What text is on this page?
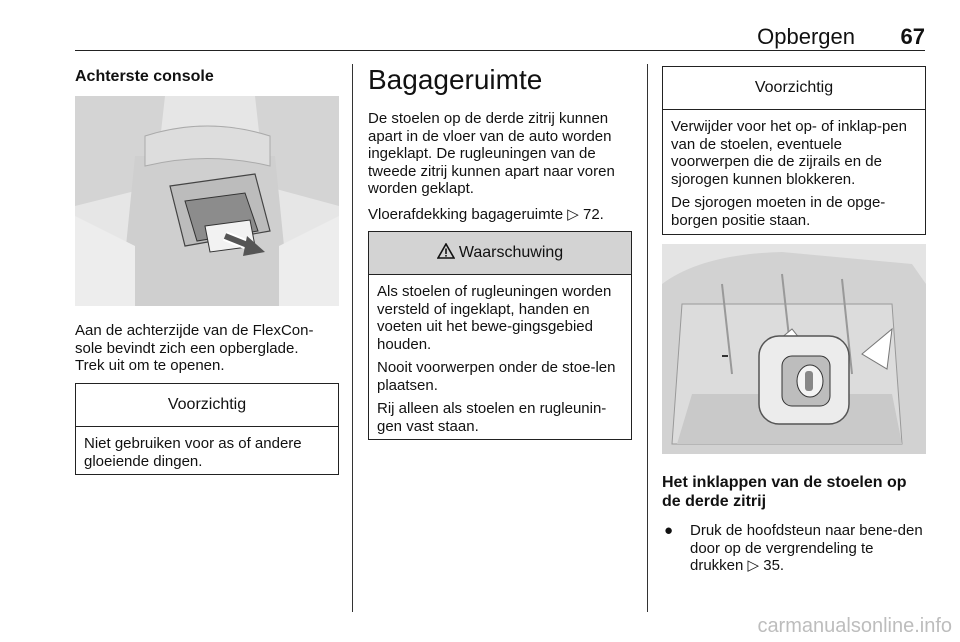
Opbergen 67
Achterste console

Aan de achterzijde van de FlexCon-
sole bevindt zich een opberglade.
Trek uit om te openen.

Voorzichtig

Niet gebruiken voor as of andere gloeiende dingen.

Bagageruimte

De stoelen op de derde zitrij kunnen apart in de vloer van de auto worden ingeklapt. De rugleuningen van de tweede zitrij kunnen apart naar voren worden geklapt.

Vloerafdekking bagageruimte ▷ 72.

Waarschuwing

Als stoelen of rugleuningen worden versteld of ingeklapt, handen en voeten uit het bewe-gingsgebied houden.

Nooit voorwerpen onder de stoe-len plaatsen.

Rij alleen als stoelen en rugleunin-gen vast staan.

Voorzichtig

Verwijder voor het op- of inklap-pen van de stoelen, eventuele voorwerpen die de zijrails en de sjorogen kunnen blokkeren.

De sjorogen moeten in de opge-borgen positie staan.

Het inklappen van de stoelen op de derde zitrij
● Druk de hoofdsteun naar bene-den door op de vergrendeling te drukken ▷ 35.
carmanualsonline.info
